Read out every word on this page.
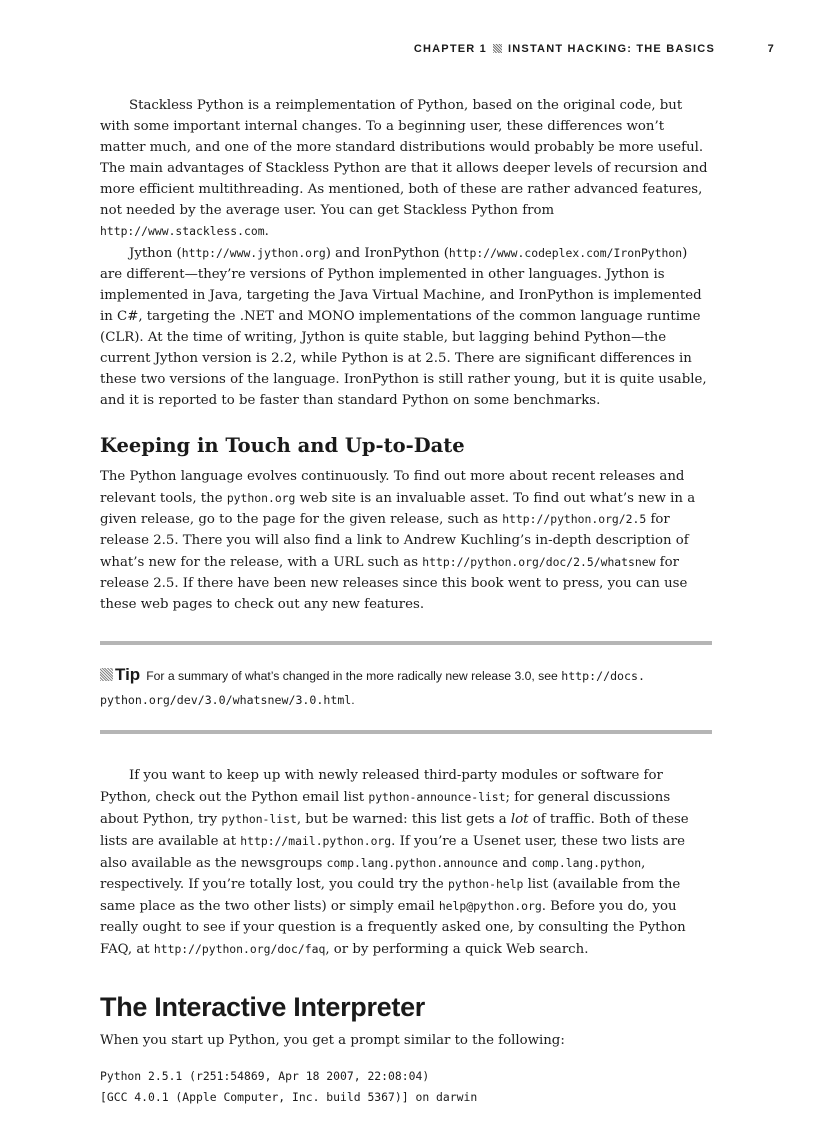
CHAPTER 1 INSTANT HACKING: THE BASICS	7

Stackless Python is a reimplementation of Python, based on the original code, but with some important internal changes. To a beginning user, these differences won’t matter much, and one of the more standard distributions would probably be more useful. The main advantages of Stackless Python are that it allows deeper levels of recursion and more efficient multithreading. As mentioned, both of these are rather advanced features, not needed by the average user. You can get Stackless Python from http://www.stackless.com.

Jython (http://www.jython.org) and IronPython (http://www.codeplex.com/IronPython) are different—they’re versions of Python implemented in other languages. Jython is implemented in Java, targeting the Java Virtual Machine, and IronPython is implemented in C#, targeting the .NET and MONO implementations of the common language runtime (CLR). At the time of writing, Jython is quite stable, but lagging behind Python—the current Jython version is 2.2, while Python is at 2.5. There are significant differences in these two versions of the language. IronPython is still rather young, but it is quite usable, and it is reported to be faster than standard Python on some benchmarks.

Keeping in Touch and Up-to-Date

The Python language evolves continuously. To find out more about recent releases and relevant tools, the python.org web site is an invaluable asset. To find out what’s new in a given release, go to the page for the given release, such as http://python.org/2.5 for release 2.5. There you will also find a link to Andrew Kuchling’s in-depth description of what’s new for the release, with a URL such as http://python.org/doc/2.5/whatsnew for release 2.5. If there have been new releases since this book went to press, you can use these web pages to check out any new features.

Tip For a summary of what’s changed in the more radically new release 3.0, see http://docs.
python.org/dev/3.0/whatsnew/3.0.html.

If you want to keep up with newly released third-party modules or software for Python, check out the Python email list python-announce-list; for general discussions about Python, try python-list, but be warned: this list gets a lot of traffic. Both of these lists are available at http://mail.python.org. If you’re a Usenet user, these two lists are also available as the newsgroups comp.lang.python.announce and comp.lang.python, respectively. If you’re totally lost, you could try the python-help list (available from the same place as the two other lists) or simply email help@python.org. Before you do, you really ought to see if your question is a frequently asked one, by consulting the Python FAQ, at http://python.org/doc/faq, or by performing a quick Web search.

The Interactive Interpreter

When you start up Python, you get a prompt similar to the following:

Python 2.5.1 (r251:54869, Apr 18 2007, 22:08:04)
[GCC 4.0.1 (Apple Computer, Inc. build 5367)] on darwin
